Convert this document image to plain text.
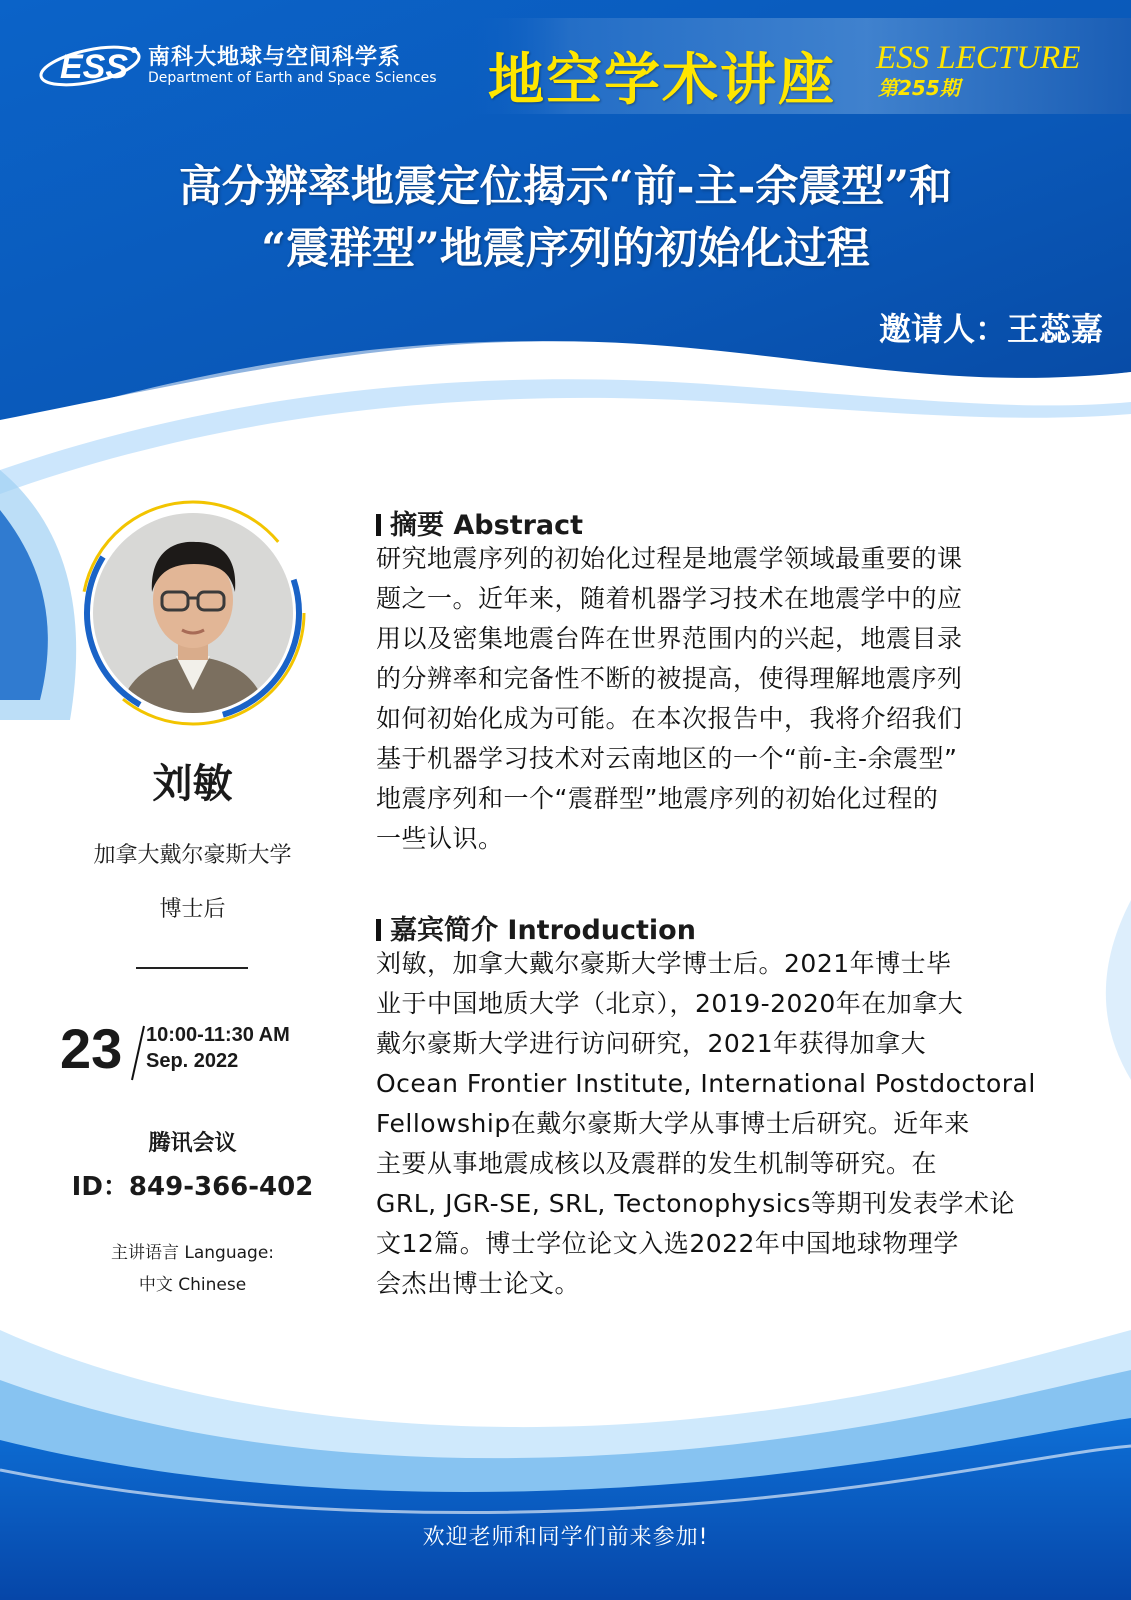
ESS 南科大地球与空间科学系
Department of Earth and Space Sciences 地空学术讲座 ESS LECTURE
第255期
高分辨率地震定位揭示“前-主-余震型”和
“震群型”地震序列的初始化过程
邀请人：王蕊嘉
刘敏
加拿大戴尔豪斯大学
博士后
23 10:00-11:30 AM
Sep. 2022
腾讯会议
ID：849-366-402
主讲语言 Language:
中文 Chinese
摘要 Abstract
研究地震序列的初始化过程是地震学领域最重要的课
题之一。近年来，随着机器学习技术在地震学中的应
用以及密集地震台阵在世界范围内的兴起，地震目录
的分辨率和完备性不断的被提高，使得理解地震序列
如何初始化成为可能。在本次报告中，我将介绍我们
基于机器学习技术对云南地区的一个“前-主-余震型”
地震序列和一个“震群型”地震序列的初始化过程的
一些认识。
嘉宾简介 Introduction
刘敏，加拿大戴尔豪斯大学博士后。2021年博士毕
业于中国地质大学（北京），2019-2020年在加拿大
戴尔豪斯大学进行访问研究，2021年获得加拿大
Ocean Frontier Institute, International Postdoctoral
Fellowship在戴尔豪斯大学从事博士后研究。近年来
主要从事地震成核以及震群的发生机制等研究。在
GRL, JGR-SE, SRL, Tectonophysics等期刊发表学术论
文12篇。博士学位论文入选2022年中国地球物理学
会杰出博士论文。
欢迎老师和同学们前来参加!
